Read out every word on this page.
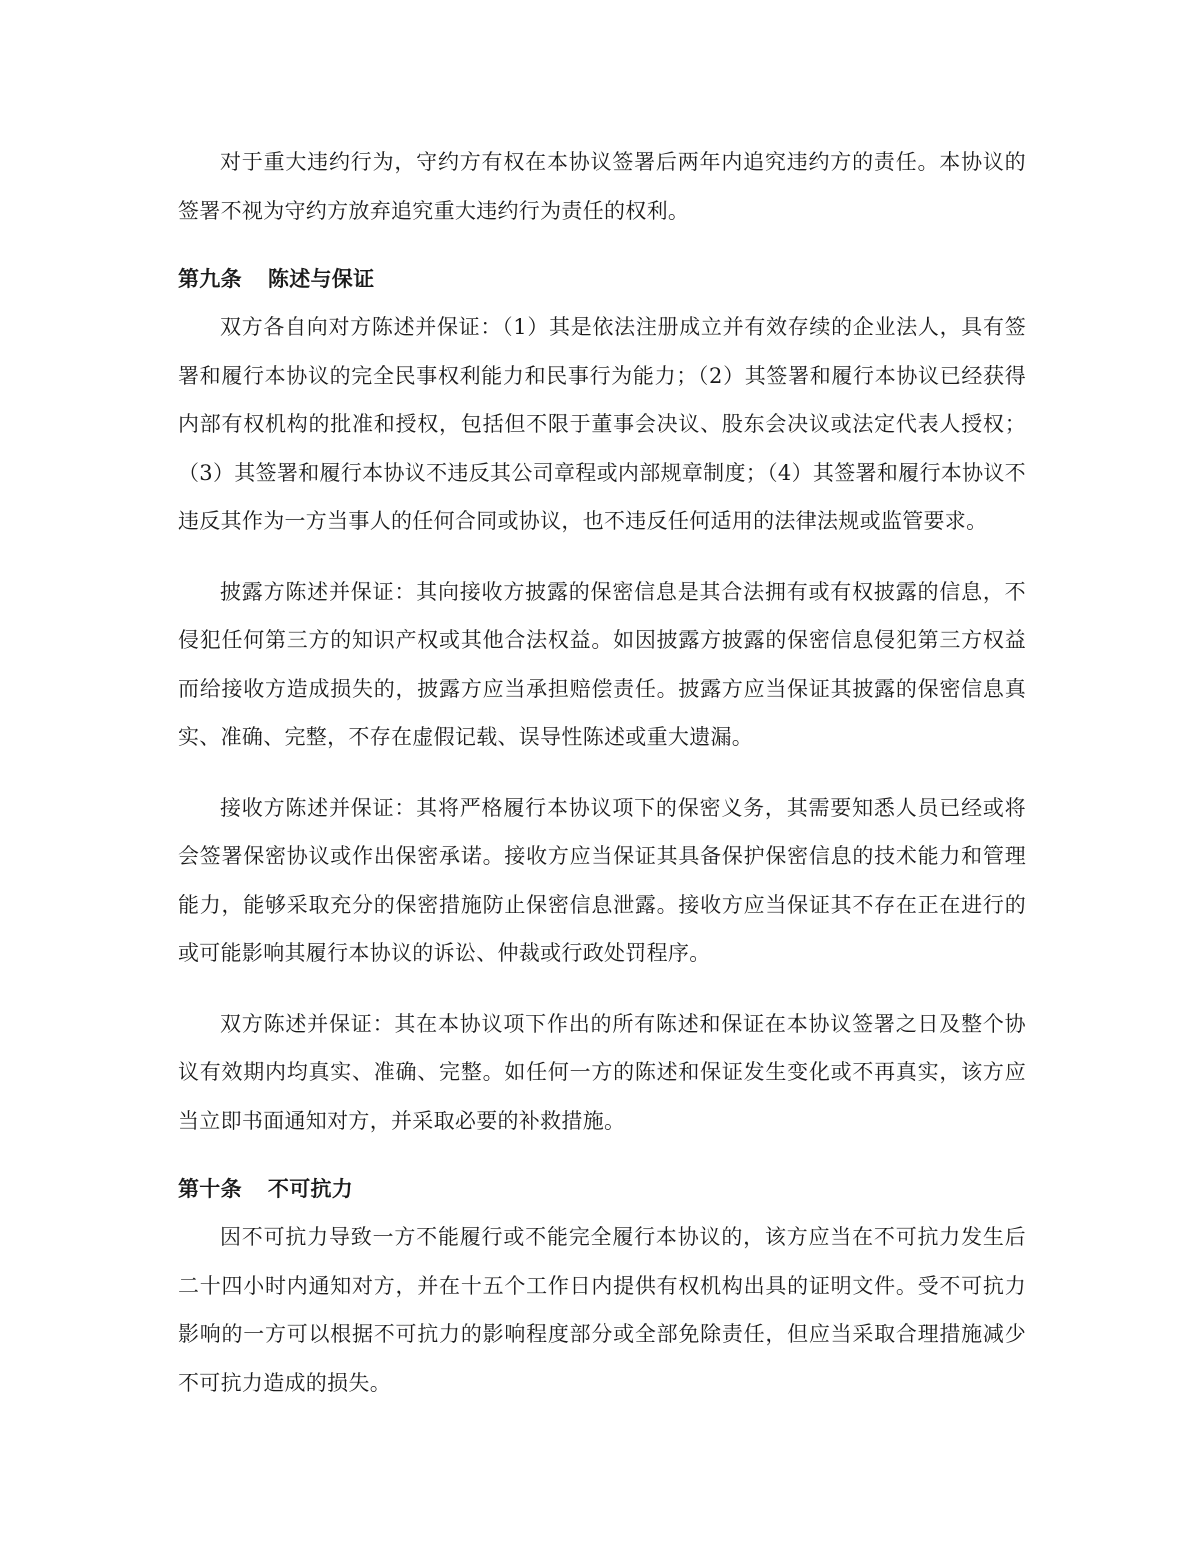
对于重大违约行为，守约方有权在本协议签署后两年内追究违约方的责任。本协议的签署不视为守约方放弃追究重大违约行为责任的权利。

第九条 陈述与保证

双方各自向对方陈述并保证：（1）其是依法注册成立并有效存续的企业法人，具有签署和履行本协议的完全民事权利能力和民事行为能力；（2）其签署和履行本协议已经获得内部有权机构的批准和授权，包括但不限于董事会决议、股东会决议或法定代表人授权；（3）其签署和履行本协议不违反其公司章程或内部规章制度；（4）其签署和履行本协议不违反其作为一方当事人的任何合同或协议，也不违反任何适用的法律法规或监管要求。

披露方陈述并保证：其向接收方披露的保密信息是其合法拥有或有权披露的信息，不侵犯任何第三方的知识产权或其他合法权益。如因披露方披露的保密信息侵犯第三方权益而给接收方造成损失的，披露方应当承担赔偿责任。披露方应当保证其披露的保密信息真实、准确、完整，不存在虚假记载、误导性陈述或重大遗漏。

接收方陈述并保证：其将严格履行本协议项下的保密义务，其需要知悉人员已经或将会签署保密协议或作出保密承诺。接收方应当保证其具备保护保密信息的技术能力和管理能力，能够采取充分的保密措施防止保密信息泄露。接收方应当保证其不存在正在进行的或可能影响其履行本协议的诉讼、仲裁或行政处罚程序。

双方陈述并保证：其在本协议项下作出的所有陈述和保证在本协议签署之日及整个协议有效期内均真实、准确、完整。如任何一方的陈述和保证发生变化或不再真实，该方应当立即书面通知对方，并采取必要的补救措施。

第十条 不可抗力

因不可抗力导致一方不能履行或不能完全履行本协议的，该方应当在不可抗力发生后二十四小时内通知对方，并在十五个工作日内提供有权机构出具的证明文件。受不可抗力影响的一方可以根据不可抗力的影响程度部分或全部免除责任，但应当采取合理措施减少不可抗力造成的损失。
